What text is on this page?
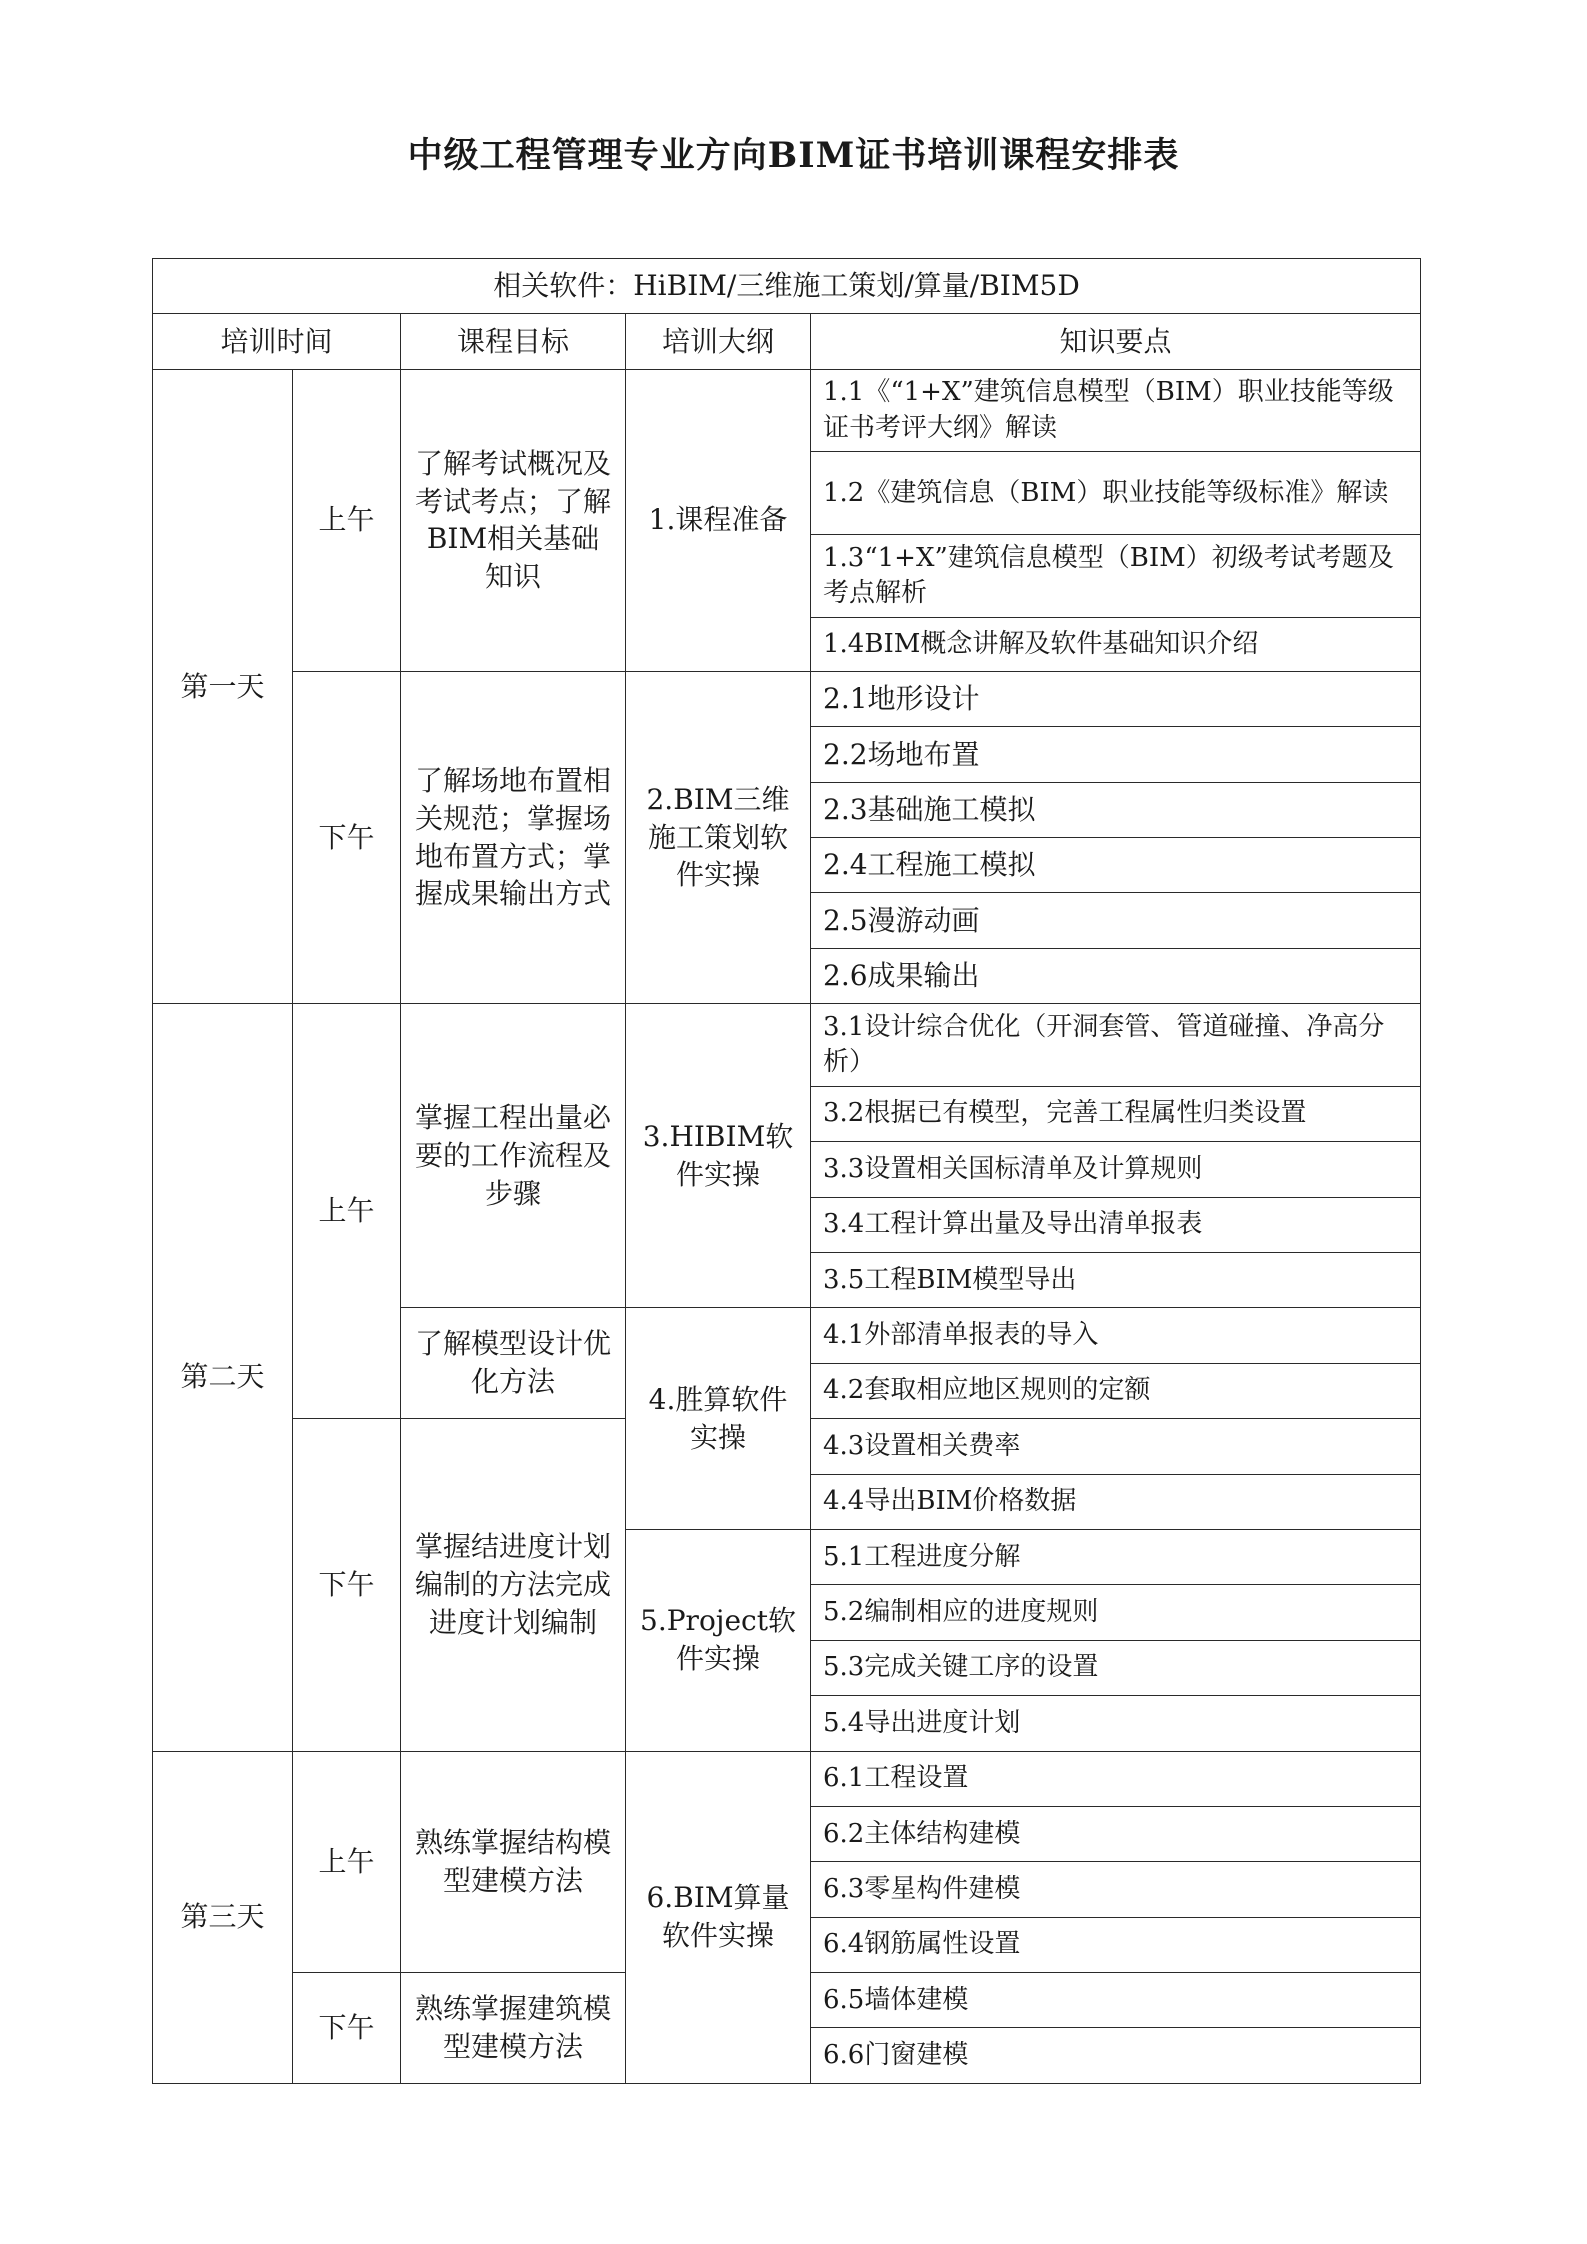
中级工程管理专业方向BIM证书培训课程安排表
相关软件：HiBIM/三维施工策划/算量/BIM5D				
培训时间		课程目标	培训大纲	知识要点
第一天	上午	了解考试概况及考试考点；了解BIM相关基础知识	1.课程准备	1.1《“1+X”建筑信息模型（BIM）职业技能等级证书考评大纲》解读
				1.2《建筑信息（BIM）职业技能等级标准》解读
				1.3“1+X”建筑信息模型（BIM）初级考试考题及考点解析
				1.4BIM概念讲解及软件基础知识介绍
	下午	了解场地布置相关规范；掌握场地布置方式；掌握成果输出方式	2.BIM三维施工策划软件实操	2.1地形设计
				2.2场地布置
				2.3基础施工模拟
				2.4工程施工模拟
				2.5漫游动画
				2.6成果输出
第二天	上午	掌握工程出量必要的工作流程及步骤	3.HIBIM软件实操	3.1设计综合优化（开洞套管、管道碰撞、净高分析）
				3.2根据已有模型，完善工程属性归类设置
				3.3设置相关国标清单及计算规则
				3.4工程计算出量及导出清单报表
				3.5工程BIM模型导出
		了解模型设计优化方法	4.胜算软件实操	4.1外部清单报表的导入
				4.2套取相应地区规则的定额
	下午	掌握结进度计划编制的方法完成进度计划编制		4.3设置相关费率
				4.4导出BIM价格数据
			5.Project软件实操	5.1工程进度分解
				5.2编制相应的进度规则
				5.3完成关键工序的设置
				5.4导出进度计划
第三天	上午	熟练掌握结构模型建模方法	6.BIM算量软件实操	6.1工程设置
				6.2主体结构建模
				6.3零星构件建模
				6.4钢筋属性设置
	下午	熟练掌握建筑模型建模方法		6.5墙体建模
				6.6门窗建模
